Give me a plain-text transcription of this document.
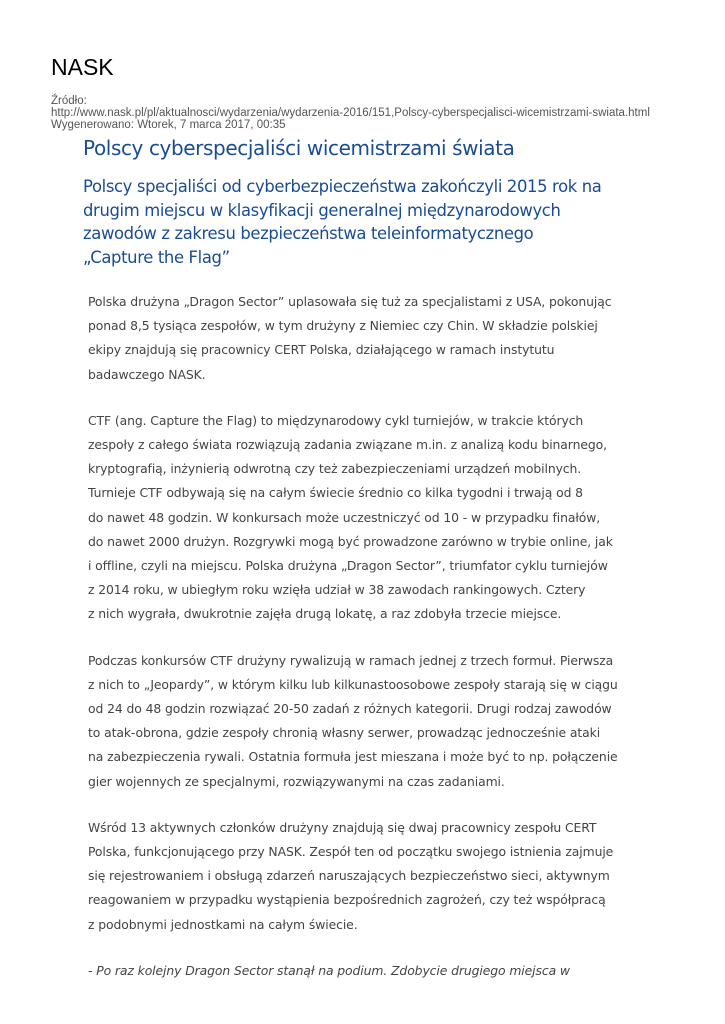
NASK
Źródło:
http://www.nask.pl/pl/aktualnosci/wydarzenia/wydarzenia-2016/151,Polscy-cyberspecjalisci-wicemistrzami-swiata.html
Wygenerowano: Wtorek, 7 marca 2017, 00:35
Polscy cyberspecjaliści wicemistrzami świata
Polscy specjaliści od cyberbezpieczeństwa zakończyli 2015 rok na
drugim miejscu w klasyfikacji generalnej międzynarodowych
zawodów z zakresu bezpieczeństwa teleinformatycznego
„Capture the Flag”

Polska drużyna „Dragon Sector” uplasowała się tuż za specjalistami z USA, pokonując
ponad 8,5 tysiąca zespołów, w tym drużyny z Niemiec czy Chin. W składzie polskiej
ekipy znajdują się pracownicy CERT Polska, działającego w ramach instytutu
badawczego NASK.

CTF (ang. Capture the Flag) to międzynarodowy cykl turniejów, w trakcie których
zespoły z całego świata rozwiązują zadania związane m.in. z analizą kodu binarnego,
kryptografią, inżynierią odwrotną czy też zabezpieczeniami urządzeń mobilnych.
Turnieje CTF odbywają się na całym świecie średnio co kilka tygodni i trwają od 8
do nawet 48 godzin. W konkursach może uczestniczyć od 10 - w przypadku finałów,
do nawet 2000 drużyn. Rozgrywki mogą być prowadzone zarówno w trybie online, jak
i offline, czyli na miejscu. Polska drużyna „Dragon Sector”, triumfator cyklu turniejów
z 2014 roku, w ubiegłym roku wzięła udział w 38 zawodach rankingowych. Cztery
z nich wygrała, dwukrotnie zajęła drugą lokatę, a raz zdobyła trzecie miejsce.

Podczas konkursów CTF drużyny rywalizują w ramach jednej z trzech formuł. Pierwsza
z nich to „Jeopardy”, w którym kilku lub kilkunastoosobowe zespoły starają się w ciągu
od 24 do 48 godzin rozwiązać 20-50 zadań z różnych kategorii. Drugi rodzaj zawodów
to atak-obrona, gdzie zespoły chronią własny serwer, prowadząc jednocześnie ataki
na zabezpieczenia rywali. Ostatnia formuła jest mieszana i może być to np. połączenie
gier wojennych ze specjalnymi, rozwiązywanymi na czas zadaniami.

Wśród 13 aktywnych członków drużyny znajdują się dwaj pracownicy zespołu CERT
Polska, funkcjonującego przy NASK. Zespół ten od początku swojego istnienia zajmuje
się rejestrowaniem i obsługą zdarzeń naruszających bezpieczeństwo sieci, aktywnym
reagowaniem w przypadku wystąpienia bezpośrednich zagrożeń, czy też współpracą
z podobnymi jednostkami na całym świecie.

- Po raz kolejny Dragon Sector stanął na podium. Zdobycie drugiego miejsca w
